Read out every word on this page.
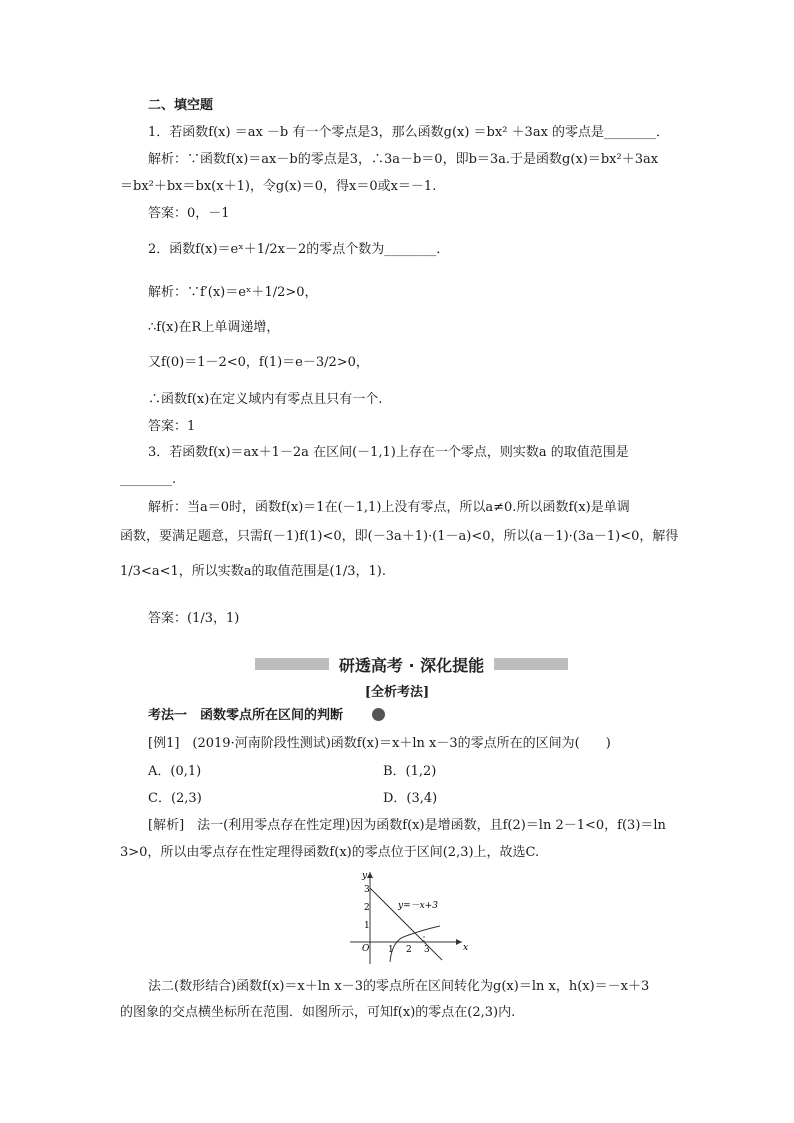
二、填空题
1．若函数f(x) ＝ax －b 有一个零点是3，那么函数g(x) ＝bx² ＋3ax 的零点是________．
解析：∵函数f(x)＝ax－b的零点是3，∴3a－b＝0，即b＝3a.于是函数g(x)＝bx²＋3ax
＝bx²＋bx＝bx(x＋1)，令g(x)＝0，得x＝0或x＝－1.
答案：0，－1
2．函数f(x)＝eˣ＋1/2x－2的零点个数为________．
解析：∵f′(x)＝eˣ＋1/2>0，
∴f(x)在R上单调递增，
又f(0)＝1－2<0，f(1)＝e－3/2>0，
∴函数f(x)在定义域内有零点且只有一个.
答案：1
3．若函数f(x)＝ax＋1－2a 在区间(－1,1)上存在一个零点，则实数a 的取值范围是
________.
解析：当a＝0时，函数f(x)＝1在(－1,1)上没有零点，所以a≠0.所以函数f(x)是单调
函数，要满足题意，只需f(－1)f(1)<0，即(－3a＋1)·(1－a)<0，所以(a－1)·(3a－1)<0，解得
1/3<a<1，所以实数a的取值范围是(1/3，1).
答案：(1/3，1)
研透高考 · 深化提能
[全析考法]
考法一　函数零点所在区间的判断
[例1]　(2019·河南阶段性测试)函数f(x)＝x＋ln x－3的零点所在的区间为(　　)
A．(0,1)	B．(1,2)
C．(2,3)	D．(3,4)
[解析]　法一(利用零点存在性定理)因为函数f(x)是增函数，且f(2)＝ln 2－1<0，f(3)＝ln
3>0，所以由零点存在性定理得函数f(x)的零点位于区间(2,3)上，故选C.
x
y
O 1 2 3
1
2
3
y=－x+3
法二(数形结合)函数f(x)＝x＋ln x－3的零点所在区间转化为g(x)＝ln x，h(x)＝－x＋3
的图象的交点横坐标所在范围．如图所示，可知f(x)的零点在(2,3)内.
